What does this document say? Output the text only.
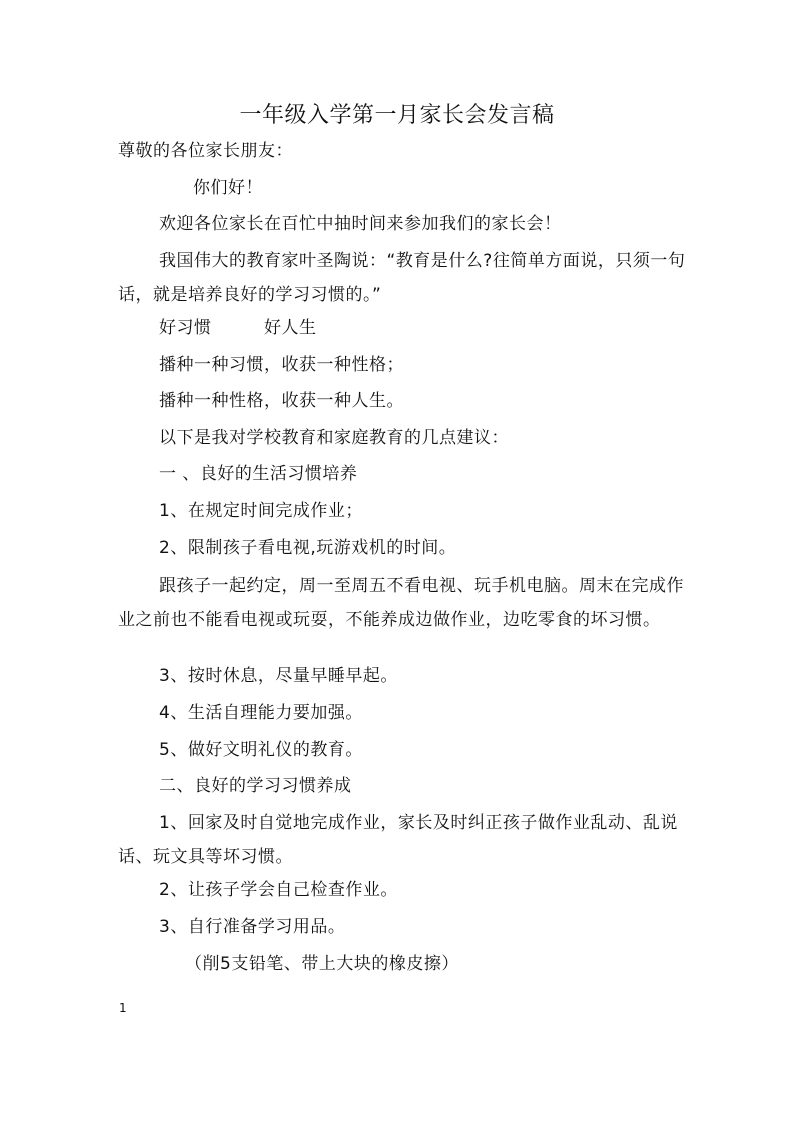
一年级入学第一月家长会发言稿

尊敬的各位家长朋友：

你们好！

欢迎各位家长在百忙中抽时间来参加我们的家长会！

我国伟大的教育家叶圣陶说：“教育是什么?往简单方面说，只须一句话，就是培养良好的学习习惯的。”

好习惯　　　好人生

播种一种习惯，收获一种性格；

播种一种性格，收获一种人生。

以下是我对学校教育和家庭教育的几点建议：

一 、良好的生活习惯培养

1、在规定时间完成作业；

2、限制孩子看电视,玩游戏机的时间。

跟孩子一起约定，周一至周五不看电视、玩手机电脑。周末在完成作业之前也不能看电视或玩耍，不能养成边做作业，边吃零食的坏习惯。

3、按时休息，尽量早睡早起。

4、生活自理能力要加强。

5、做好文明礼仪的教育。

二、良好的学习习惯养成

1、回家及时自觉地完成作业，家长及时纠正孩子做作业乱动、乱说话、玩文具等坏习惯。

2、让孩子学会自己检查作业。

3、自行准备学习用品。

（削5支铅笔、带上大块的橡皮擦）

1
